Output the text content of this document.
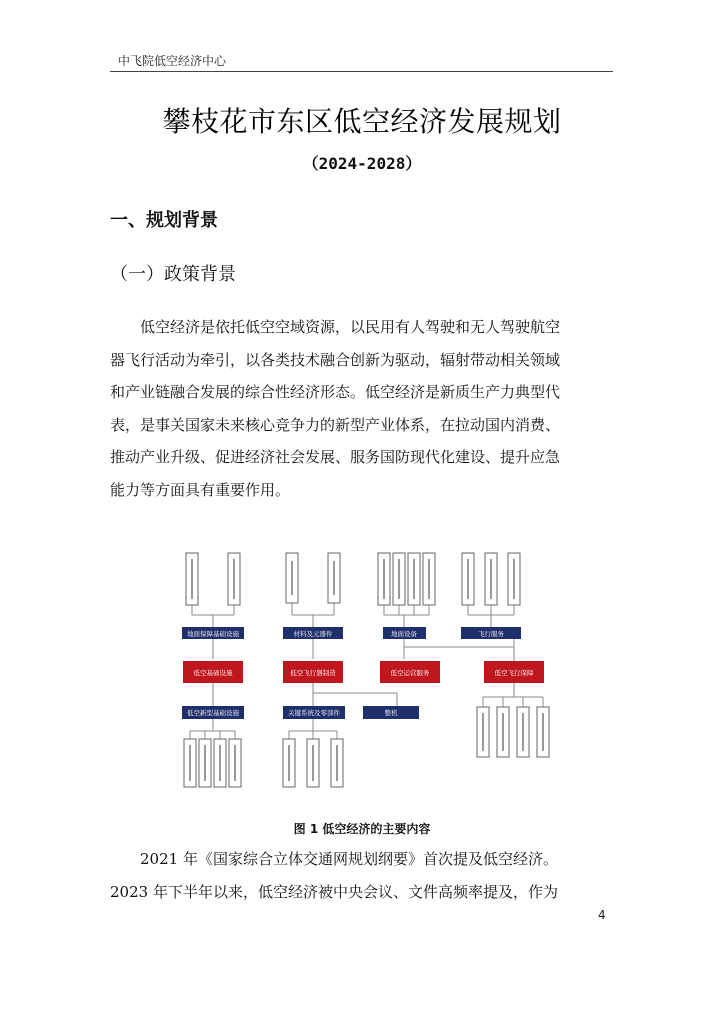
中飞院低空经济中心
攀枝花市东区低空经济发展规划
（2024-2028）
一、规划背景
（一）政策背景
低空经济是依托低空空域资源，以民用有人驾驶和无人驾驶航空
器飞行活动为牵引，以各类技术融合创新为驱动，辐射带动相关领域
和产业链融合发展的综合性经济形态。低空经济是新质生产力典型代
表，是事关国家未来核心竞争力的新型产业体系，在拉动国内消费、
推动产业升级、促进经济社会发展、服务国防现代化建设、提升应急
能力等方面具有重要作用。
地面保障基础设施	材料及元器件	地面设备	飞行服务
低空基础设施	低空飞行器制造	低空运营服务	低空飞行保障
低空新型基础设施	关键系统及零部件	整机
图 1 低空经济的主要内容
2021 年《国家综合立体交通网规划纲要》首次提及低空经济。
2023 年下半年以来，低空经济被中央会议、文件高频率提及，作为
4
